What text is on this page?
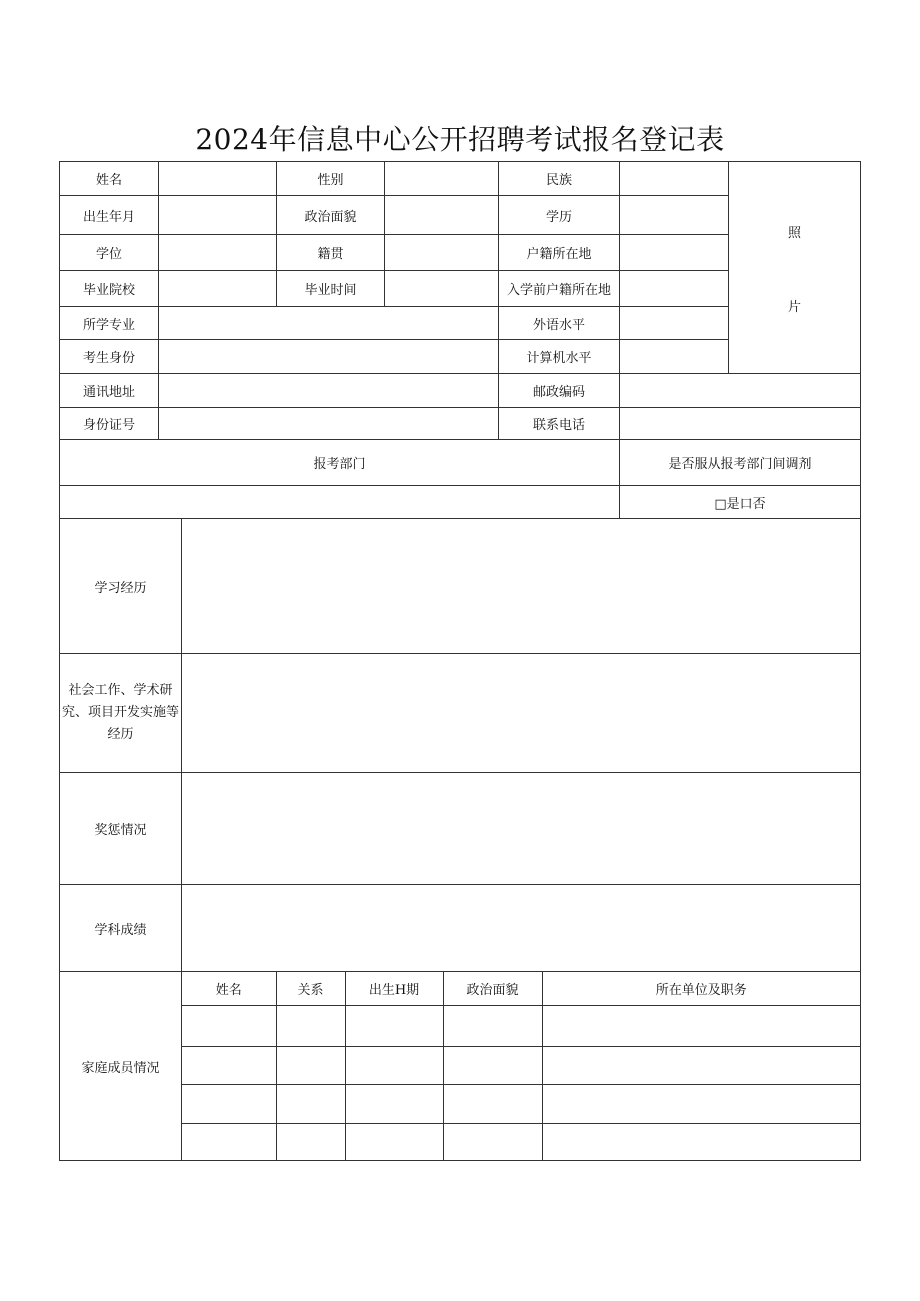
2024年信息中心公开招聘考试报名登记表
姓名		性别		民族		
照
片

出生年月		政治面貌		学历	
学位		籍贯		户籍所在地	
毕业院校		毕业时间		入学前户籍所在地	
所学专业		外语水平	
考生身份		计算机水平	
通讯地址		邮政编码	
身份证号		联系电话	
报考部门	是否服从报考部门间调剂
	□是口否
学习经历	
社会工作、学术研究、项目开发实施等经历	
奖惩情况	
学科成绩	
家庭成员情况	
姓名	关系	出生H期	政治面貌	所在单位及职务
